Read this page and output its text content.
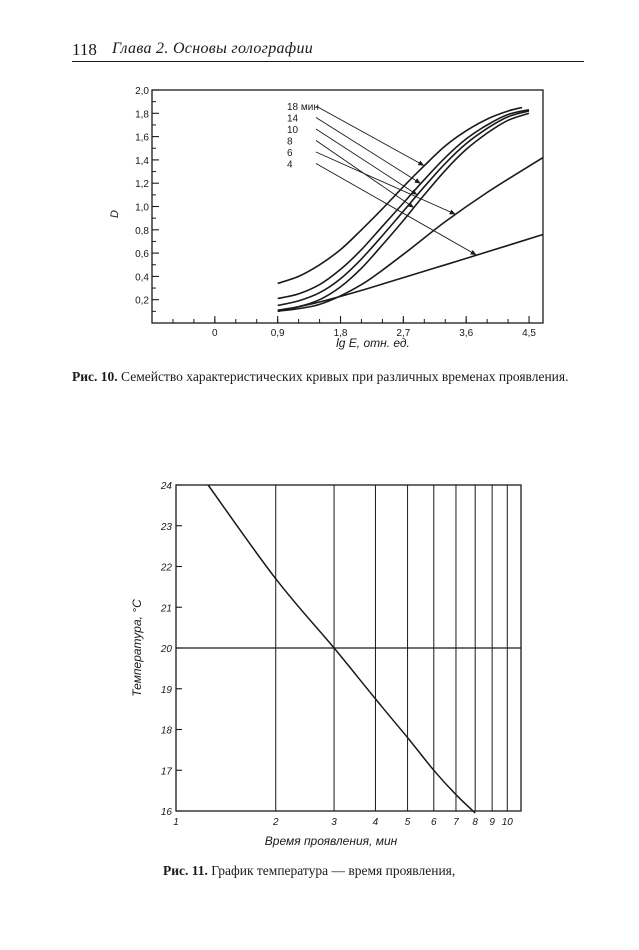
118 Глава 2. Основы голографии
0	0,9	1,8	2,7	3,6	4,5
0,2
0,4
0,6
0,8
1,0
1,2
1,4
1,6
1,8
2,0
D
lg E, отн. ед.
18 мин
14
10
8
6
4
Рис. 10. Семейство характеристических кривых при различных временах проявления.
1	2	3	4	5 6 7 8 9 10
16
17
18
19
20
21
22
23
24
Температура, °C
Время проявления, мин
Рис. 11. График температура — время проявления,
